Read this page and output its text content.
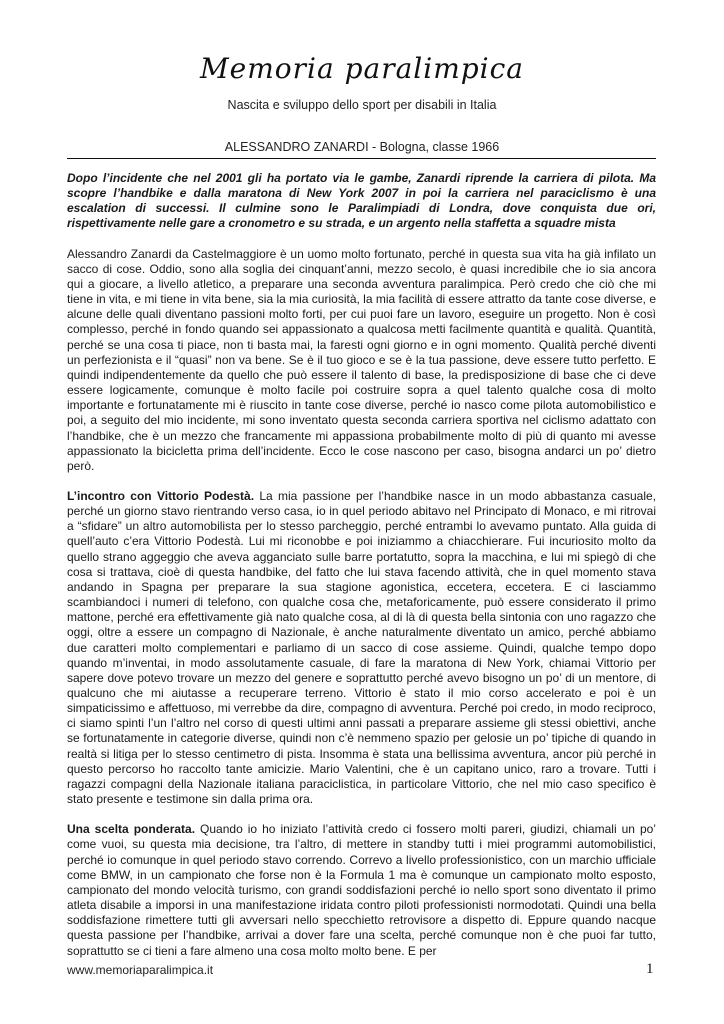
Memoria paralimpica
Nascita e sviluppo dello sport per disabili in Italia
ALESSANDRO ZANARDI - Bologna, classe 1966

Dopo l’incidente che nel 2001 gli ha portato via le gambe, Zanardi riprende la carriera di pilota. Ma scopre l’handbike e dalla maratona di New York 2007 in poi la carriera nel paraciclismo è una escalation di successi. Il culmine sono le Paralimpiadi di Londra, dove conquista due ori, rispettivamente nelle gare a cronometro e su strada, e un argento nella staffetta a squadre mista

Alessandro Zanardi da Castelmaggiore è un uomo molto fortunato, perché in questa sua vita ha già infilato un sacco di cose. Oddio, sono alla soglia dei cinquant’anni, mezzo secolo, è quasi incredibile che io sia ancora qui a giocare, a livello atletico, a preparare una seconda avventura paralimpica. Però credo che ciò che mi tiene in vita, e mi tiene in vita bene, sia la mia curiosità, la mia facilità di essere attratto da tante cose diverse, e alcune delle quali diventano passioni molto forti, per cui puoi fare un lavoro, eseguire un progetto. Non è così complesso, perché in fondo quando sei appassionato a qualcosa metti facilmente quantità e qualità. Quantità, perché se una cosa ti piace, non ti basta mai, la faresti ogni giorno e in ogni momento. Qualità perché diventi un perfezionista e il “quasi” non va bene. Se è il tuo gioco e se è la tua passione, deve essere tutto perfetto. E quindi indipendentemente da quello che può essere il talento di base, la predisposizione di base che ci deve essere logicamente, comunque è molto facile poi costruire sopra a quel talento qualche cosa di molto importante e fortunatamente mi è riuscito in tante cose diverse, perché io nasco come pilota automobilistico e poi, a seguito del mio incidente, mi sono inventato questa seconda carriera sportiva nel ciclismo adattato con l’handbike, che è un mezzo che francamente mi appassiona probabilmente molto di più di quanto mi avesse appassionato la bicicletta prima dell’incidente. Ecco le cose nascono per caso, bisogna andarci un po’ dietro però.

L’incontro con Vittorio Podestà. La mia passione per l’handbike nasce in un modo abbastanza casuale, perché un giorno stavo rientrando verso casa, io in quel periodo abitavo nel Principato di Monaco, e mi ritrovai a “sfidare” un altro automobilista per lo stesso parcheggio, perché entrambi lo avevamo puntato. Alla guida di quell’auto c’era Vittorio Podestà. Lui mi riconobbe e poi iniziammo a chiacchierare. Fui incuriosito molto da quello strano aggeggio che aveva agganciato sulle barre portatutto, sopra la macchina, e lui mi spiegò di che cosa si trattava, cioè di questa handbike, del fatto che lui stava facendo attività, che in quel momento stava andando in Spagna per preparare la sua stagione agonistica, eccetera, eccetera. E ci lasciammo scambiandoci i numeri di telefono, con qualche cosa che, metaforicamente, può essere considerato il primo mattone, perché era effettivamente già nato qualche cosa, al di là di questa bella sintonia con uno ragazzo che oggi, oltre a essere un compagno di Nazionale, è anche naturalmente diventato un amico, perché abbiamo due caratteri molto complementari e parliamo di un sacco di cose assieme. Quindi, qualche tempo dopo quando m’inventai, in modo assolutamente casuale, di fare la maratona di New York, chiamai Vittorio per sapere dove potevo trovare un mezzo del genere e soprattutto perché avevo bisogno un po’ di un mentore, di qualcuno che mi aiutasse a recuperare terreno. Vittorio è stato il mio corso accelerato e poi è un simpaticissimo e affettuoso, mi verrebbe da dire, compagno di avventura. Perché poi credo, in modo reciproco, ci siamo spinti l’un l’altro nel corso di questi ultimi anni passati a preparare assieme gli stessi obiettivi, anche se fortunatamente in categorie diverse, quindi non c’è nemmeno spazio per gelosie un po’ tipiche di quando in realtà si litiga per lo stesso centimetro di pista. Insomma è stata una bellissima avventura, ancor più perché in questo percorso ho raccolto tante amicizie. Mario Valentini, che è un capitano unico, raro a trovare. Tutti i ragazzi compagni della Nazionale italiana paraciclistica, in particolare Vittorio, che nel mio caso specifico è stato presente e testimone sin dalla prima ora.

Una scelta ponderata. Quando io ho iniziato l’attività credo ci fossero molti pareri, giudizi, chiamali un po’ come vuoi, su questa mia decisione, tra l’altro, di mettere in standby tutti i miei programmi automobilistici, perché io comunque in quel periodo stavo correndo. Correvo a livello professionistico, con un marchio ufficiale come BMW, in un campionato che forse non è la Formula 1 ma è comunque un campionato molto esposto, campionato del mondo velocità turismo, con grandi soddisfazioni perché io nello sport sono diventato il primo atleta disabile a imporsi in una manifestazione iridata contro piloti professionisti normodotati. Quindi una bella soddisfazione rimettere tutti gli avversari nello specchietto retrovisore a dispetto di. Eppure quando nacque questa passione per l’handbike, arrivai a dover fare una scelta, perché comunque non è che puoi far tutto, soprattutto se ci tieni a fare almeno una cosa molto molto bene. E per

www.memoriaparalimpica.it	1
